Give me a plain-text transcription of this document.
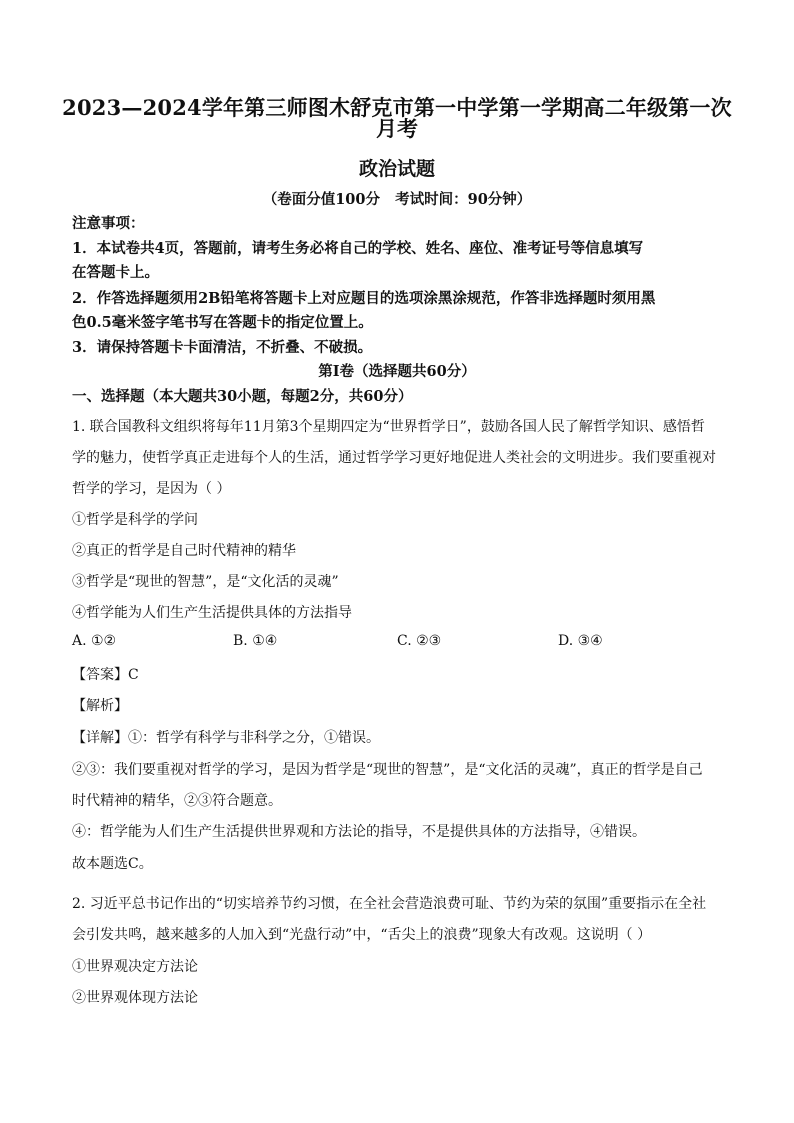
2023—2024学年第三师图木舒克市第一中学第一学期高二年级第一次
月考
政治试题
（卷面分值100分   考试时间：90分钟）
注意事项：
1．本试卷共4页，答题前，请考生务必将自己的学校、姓名、座位、准考证号等信息填写
在答题卡上。
2．作答选择题须用2B铅笔将答题卡上对应题目的选项涂黑涂规范，作答非选择题时须用黑
色0.5毫米签字笔书写在答题卡的指定位置上。
3．请保持答题卡卡面清洁，不折叠、不破损。
第Ⅰ卷（选择题共60分）
一、选择题（本大题共30小题，每题2分，共60分）
1. 联合国教科文组织将每年11月第3个星期四定为“世界哲学日”，鼓励各国人民了解哲学知识、感悟哲
学的魅力，使哲学真正走进每个人的生活，通过哲学学习更好地促进人类社会的文明进步。我们要重视对
哲学的学习，是因为（ ）
①哲学是科学的学问
②真正的哲学是自己时代精神的精华
③哲学是“现世的智慧”，是“文化活的灵魂”
④哲学能为人们生产生活提供具体的方法指导
A. ①②	B. ①④	C. ②③	D. ③④
【答案】C
【解析】
【详解】①：哲学有科学与非科学之分，①错误。
②③：我们要重视对哲学的学习，是因为哲学是“现世的智慧”，是“文化活的灵魂”，真正的哲学是自己
时代精神的精华，②③符合题意。
④：哲学能为人们生产生活提供世界观和方法论的指导，不是提供具体的方法指导，④错误。
故本题选C。
2. 习近平总书记作出的“切实培养节约习惯，在全社会营造浪费可耻、节约为荣的氛围”重要指示在全社
会引发共鸣，越来越多的人加入到“光盘行动”中，“舌尖上的浪费”现象大有改观。这说明（ ）
①世界观决定方法论
②世界观体现方法论
